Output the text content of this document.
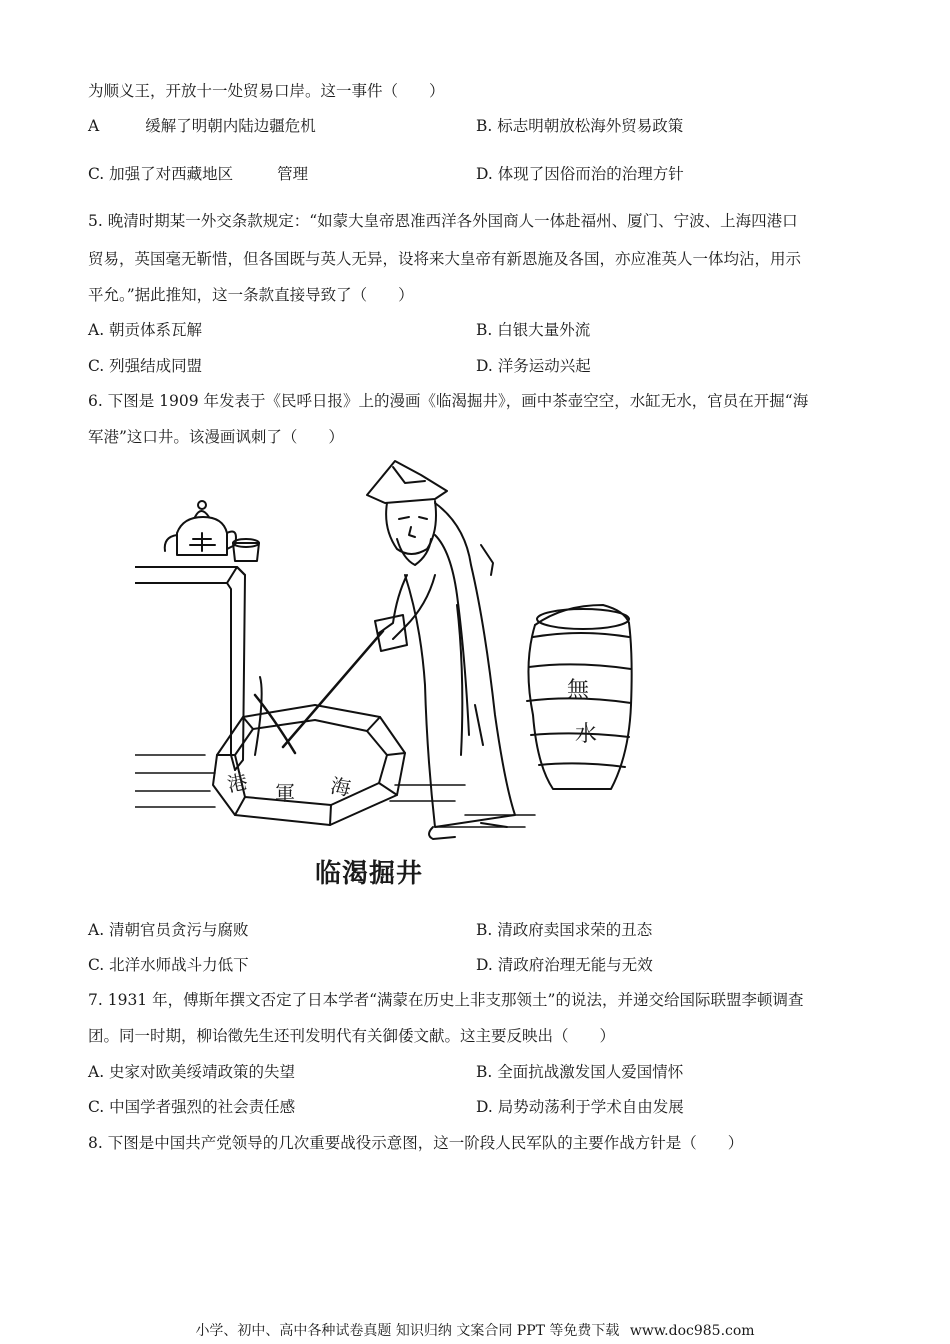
为顺义王，开放十一处贸易口岸。这一事件（　　）
A	缓解了明朝内陆边疆危机	B. 标志明朝放松海外贸易政策
C. 加强了对西藏地区	管理	D. 体现了因俗而治的治理方针
5. 晚清时期某一外交条款规定：“如蒙大皇帝恩准西洋各外国商人一体赴福州、厦门、宁波、上海四港口
贸易，英国毫无靳惜，但各国既与英人无异，设将来大皇帝有新恩施及各国，亦应准英人一体均沾，用示
平允。”据此推知，这一条款直接导致了（　　）
A. 朝贡体系瓦解	B. 白银大量外流
C. 列强结成同盟	D. 洋务运动兴起
6. 下图是 1909 年发表于《民呼日报》上的漫画《临渴掘井》，画中茶壶空空，水缸无水，官员在开掘“海
军港”这口井。该漫画讽刺了（　　）
港 軍 海
無
水
临渴掘井
A. 清朝官员贪污与腐败	B. 清政府卖国求荣的丑态
C. 北洋水师战斗力低下	D. 清政府治理无能与无效
7. 1931 年，傅斯年撰文否定了日本学者“满蒙在历史上非支那领土”的说法，并递交给国际联盟李顿调查
团。同一时期，柳诒徵先生还刊发明代有关御倭文献。这主要反映出（　　）
A. 史家对欧美绥靖政策的失望	B. 全面抗战激发国人爱国情怀
C. 中国学者强烈的社会责任感	D. 局势动荡利于学术自由发展
8. 下图是中国共产党领导的几次重要战役示意图，这一阶段人民军队的主要作战方针是（　　）
小学、初中、高中各种试卷真题 知识归纳 文案合同 PPT 等免费下载 www.doc985.com
